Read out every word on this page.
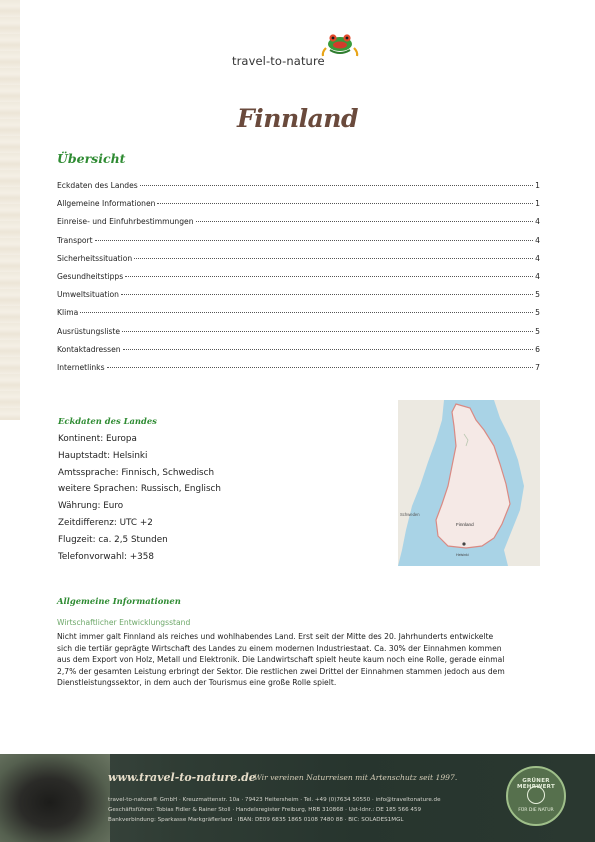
travel-to-nature
Finnland
Übersicht
Eckdaten des Landes	1
Allgemeine Informationen	1
Einreise- und Einfuhrbestimmungen	4
Transport	4
Sicherheitssituation	4
Gesundheitstipps	4
Umweltsituation	5
Klima	5
Ausrüstungsliste	5
Kontaktadressen	6
Internetlinks	7
Eckdaten des Landes
Kontinent: Europa
Hauptstadt: Helsinki
Amtssprache: Finnisch, Schwedisch
weitere Sprachen: Russisch, Englisch
Währung: Euro
Zeitdifferenz: UTC +2
Flugzeit: ca. 2,5 Stunden
Telefonvorwahl: +358
Finnland
Schweden
Helsinki
Allgemeine Informationen
Wirtschaftlicher Entwicklungsstand
Nicht immer galt Finnland als reiches und wohlhabendes Land. Erst seit der Mitte des 20. Jahrhunderts entwickelte
sich die tertiär geprägte Wirtschaft des Landes zu einem modernen Industriestaat. Ca. 30% der Einnahmen kommen
aus dem Export von Holz, Metall und Elektronik. Die Landwirtschaft spielt heute kaum noch eine Rolle, gerade einmal
2,7% der gesamten Leistung erbringt der Sektor. Die restlichen zwei Drittel der Einnahmen stammen jedoch aus dem
Dienstleistungssektor, in dem auch der Tourismus eine große Rolle spielt.
www.travel-to-nature.de
Wir vereinen Naturreisen mit Artenschutz seit 1997.
travel-to-nature® GmbH · Kreuzmattenstr. 10a · 79423 Heitersheim · Tel. +49 (0)7634 50550 · info@traveltonature.de
Geschäftsführer: Tobias Fidler & Rainer Stoll · Handelsregister Freiburg, HRB 310868 · Ust-Idnr.: DE 185 566 459
Bankverbindung: Sparkasse Markgräflerland · IBAN: DE09 6835 1865 0108 7480 88 · BIC: SOLADES1MGL
GRÜNER MEHRWERT
FÜR DIE NATUR
